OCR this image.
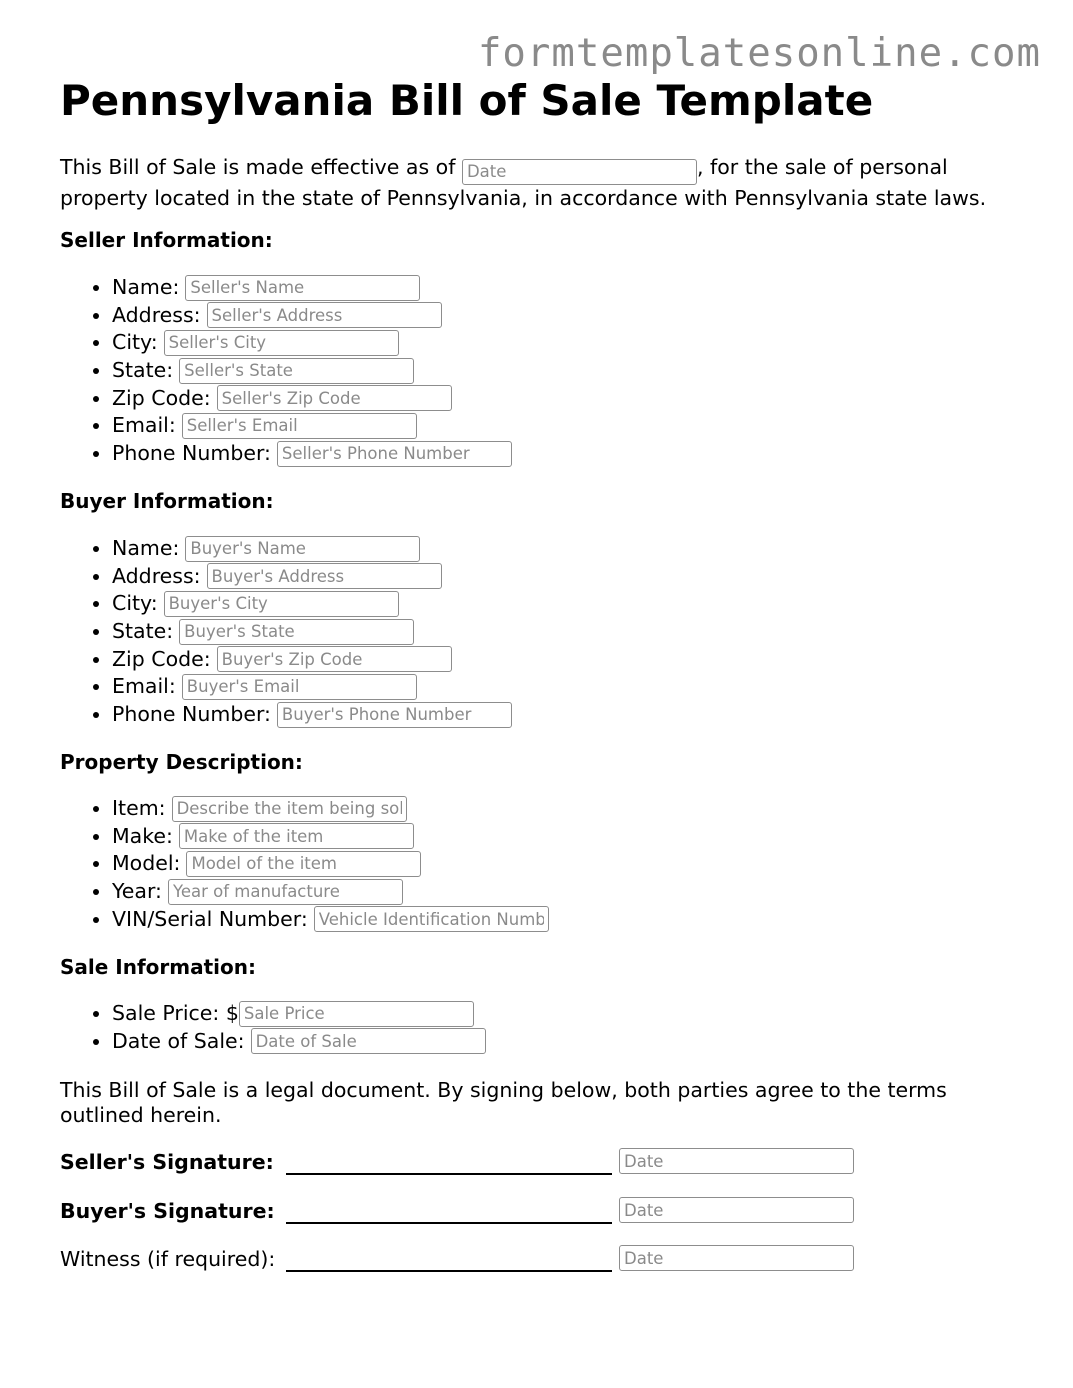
formtemplatesonline.com
Pennsylvania Bill of Sale Template

This Bill of Sale is made effective as of Date	, for the sale of personal property located in the state of Pennsylvania, in accordance with Pennsylvania state laws.

Seller Information:
• Name:Seller's Name
• Address:Seller's Address
• City:Seller's City
• State:Seller's State
• Zip Code:Seller's Zip Code
• Email:Seller's Email
• Phone Number:Seller's Phone Number
Buyer Information:
• Name:Buyer's Name
• Address:Buyer's Address
• City:Buyer's City
• State:Buyer's State
• Zip Code:Buyer's Zip Code
• Email:Buyer's Email
• Phone Number:Buyer's Phone Number
Property Description:
• Item:Describe the item being sold
• Make:Make of the item
• Model:Model of the item
• Year:Year of manufacture
• VIN/Serial Number:Vehicle Identification Number
Sale Information:
• Sale Price: $Sale Price
• Date of Sale:Date of Sale

This Bill of Sale is a legal document. By signing below, both parties agree to the terms outlined herein.

Seller's Signature:
Date
Buyer's Signature:
Date
Witness (if required):
Date
